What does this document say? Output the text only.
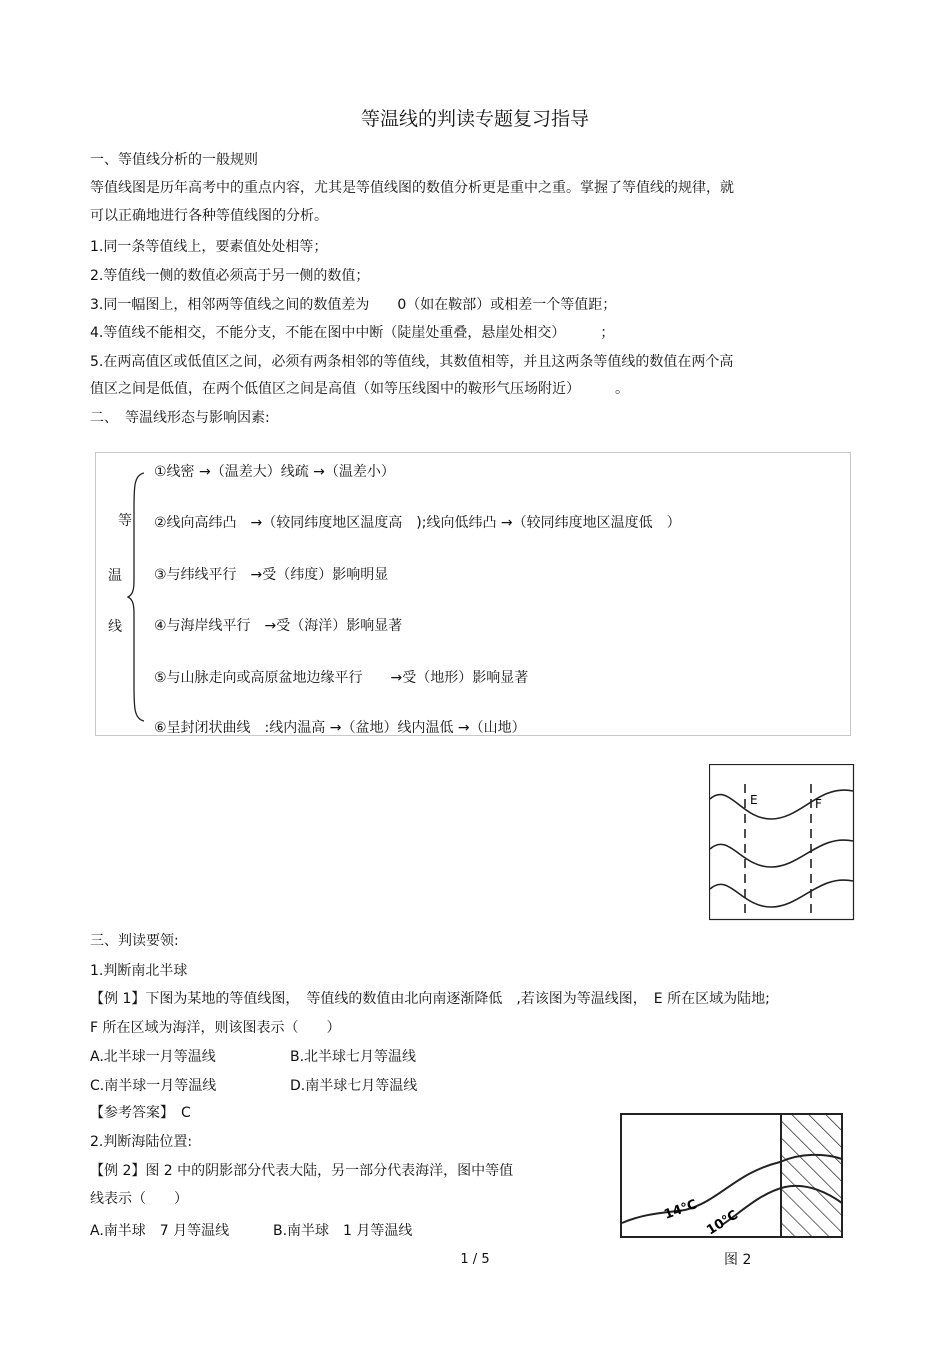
等温线的判读专题复习指导
一、等值线分析的一般规则
等值线图是历年高考中的重点内容，尤其是等值线图的数值分析更是重中之重。掌握了等值线的规律，就
可以正确地进行各种等值线图的分析。
1.同一条等值线上，要素值处处相等；
2.等值线一侧的数值必须高于另一侧的数值；
3.同一幅图上，相邻两等值线之间的数值差为　　0（如在鞍部）或相差一个等值距；
4.等值线不能相交，不能分支，不能在图中中断（陡崖处重叠，悬崖处相交）　　　；
5.在两高值区或低值区之间，必须有两条相邻的等值线，其数值相等，并且这两条等值线的数值在两个高
值区之间是低值，在两个低值区之间是高值（如等压线图中的鞍形气压场附近）　　　。
二、　等温线形态与影响因素:
等
温
线
①线密 →（温差大）线疏 →（温差小）
②线向高纬凸　→（较同纬度地区温度高　);线向低纬凸 →（较同纬度地区温度低　）
③与纬线平行　→受（纬度）影响明显
④与海岸线平行　→受（海洋）影响显著
⑤与山脉走向或高原盆地边缘平行　　→受（地形）影响显著
⑥呈封闭状曲线　:线内温高 →（盆地）线内温低 →（山地）
E	F
三、判读要领:
1.判断南北半球
【例 1】下图为某地的等值线图，　等值线的数值由北向南逐渐降低　,若该图为等温线图，　E 所在区域为陆地;
F 所在区域为海洋，则该图表示（　　）
A.北半球一月等温线	B.北半球七月等温线
C.南半球一月等温线	D.南半球七月等温线
【参考答案】　C
2.判断海陆位置:
【例 2】图 2 中的阴影部分代表大陆，另一部分代表海洋，图中等值
线表示（　　）
A.南半球　7 月等温线	B.南半球　1 月等温线
14℃ 10℃
图 2
1 / 5
